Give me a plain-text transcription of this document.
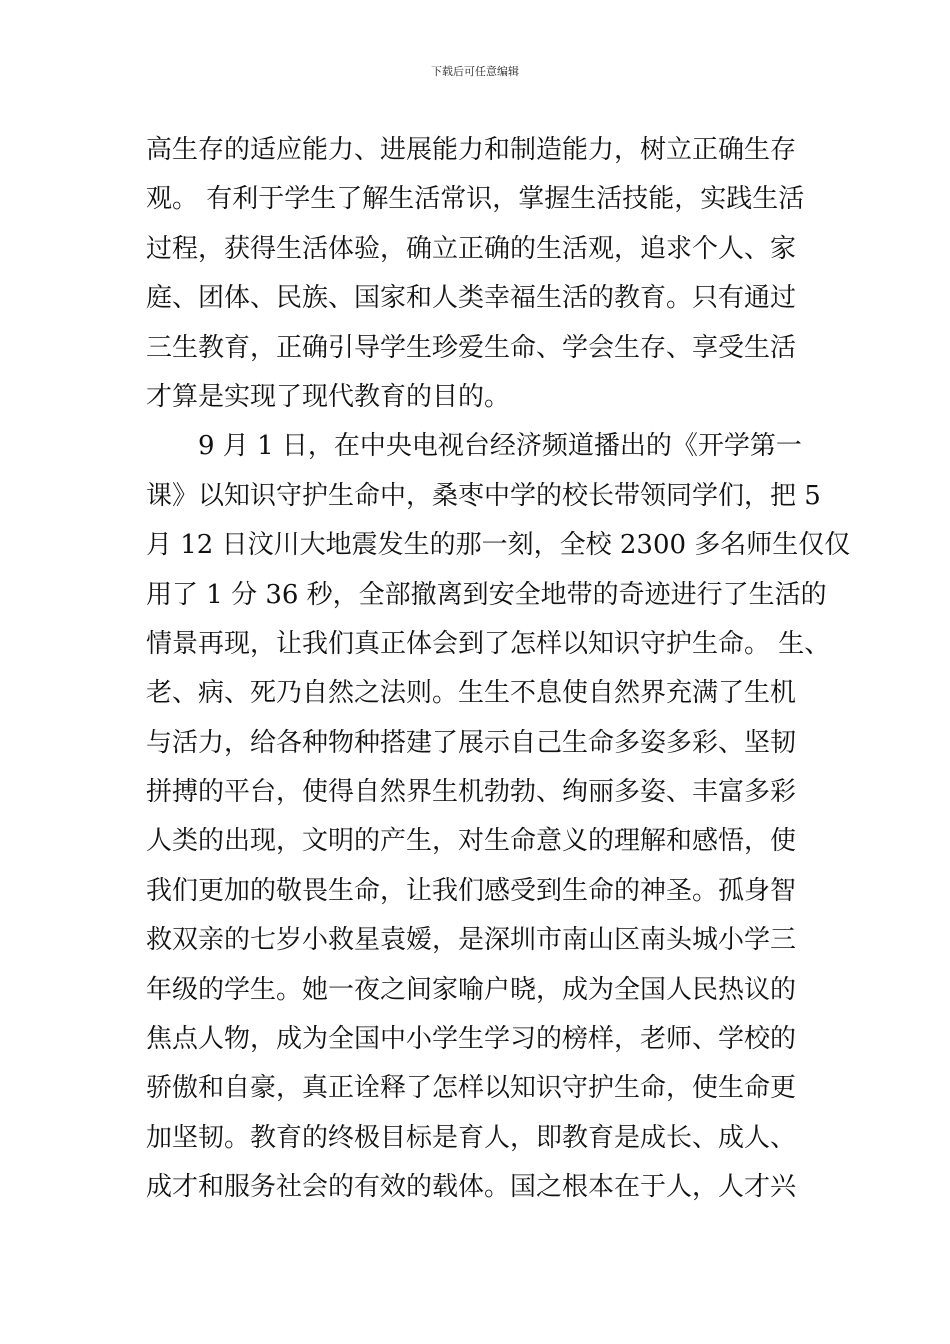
下载后可任意编辑
高生存的适应能力、进展能力和制造能力，树立正确生存
观。 有利于学生了解生活常识，掌握生活技能，实践生活
过程，获得生活体验，确立正确的生活观，追求个人、家
庭、团体、民族、国家和人类幸福生活的教育。只有通过
三生教育，正确引导学生珍爱生命、学会生存、享受生活
才算是实现了现代教育的目的。
9 月 1 日，在中央电视台经济频道播出的《开学第一
课》以知识守护生命中，桑枣中学的校长带领同学们，把 5
月 12 日汶川大地震发生的那一刻，全校 2300 多名师生仅仅
用了 1 分 36 秒，全部撤离到安全地带的奇迹进行了生活的
情景再现，让我们真正体会到了怎样以知识守护生命。 生、
老、病、死乃自然之法则。生生不息使自然界充满了生机
与活力，给各种物种搭建了展示自己生命多姿多彩、坚韧
拼搏的平台，使得自然界生机勃勃、绚丽多姿、丰富多彩
人类的出现，文明的产生，对生命意义的理解和感悟，使
我们更加的敬畏生命，让我们感受到生命的神圣。孤身智
救双亲的七岁小救星袁嫒，是深圳市南山区南头城小学三
年级的学生。她一夜之间家喻户晓，成为全国人民热议的
焦点人物，成为全国中小学生学习的榜样，老师、学校的
骄傲和自豪，真正诠释了怎样以知识守护生命，使生命更
加坚韧。教育的终极目标是育人，即教育是成长、成人、
成才和服务社会的有效的载体。国之根本在于人，人才兴
